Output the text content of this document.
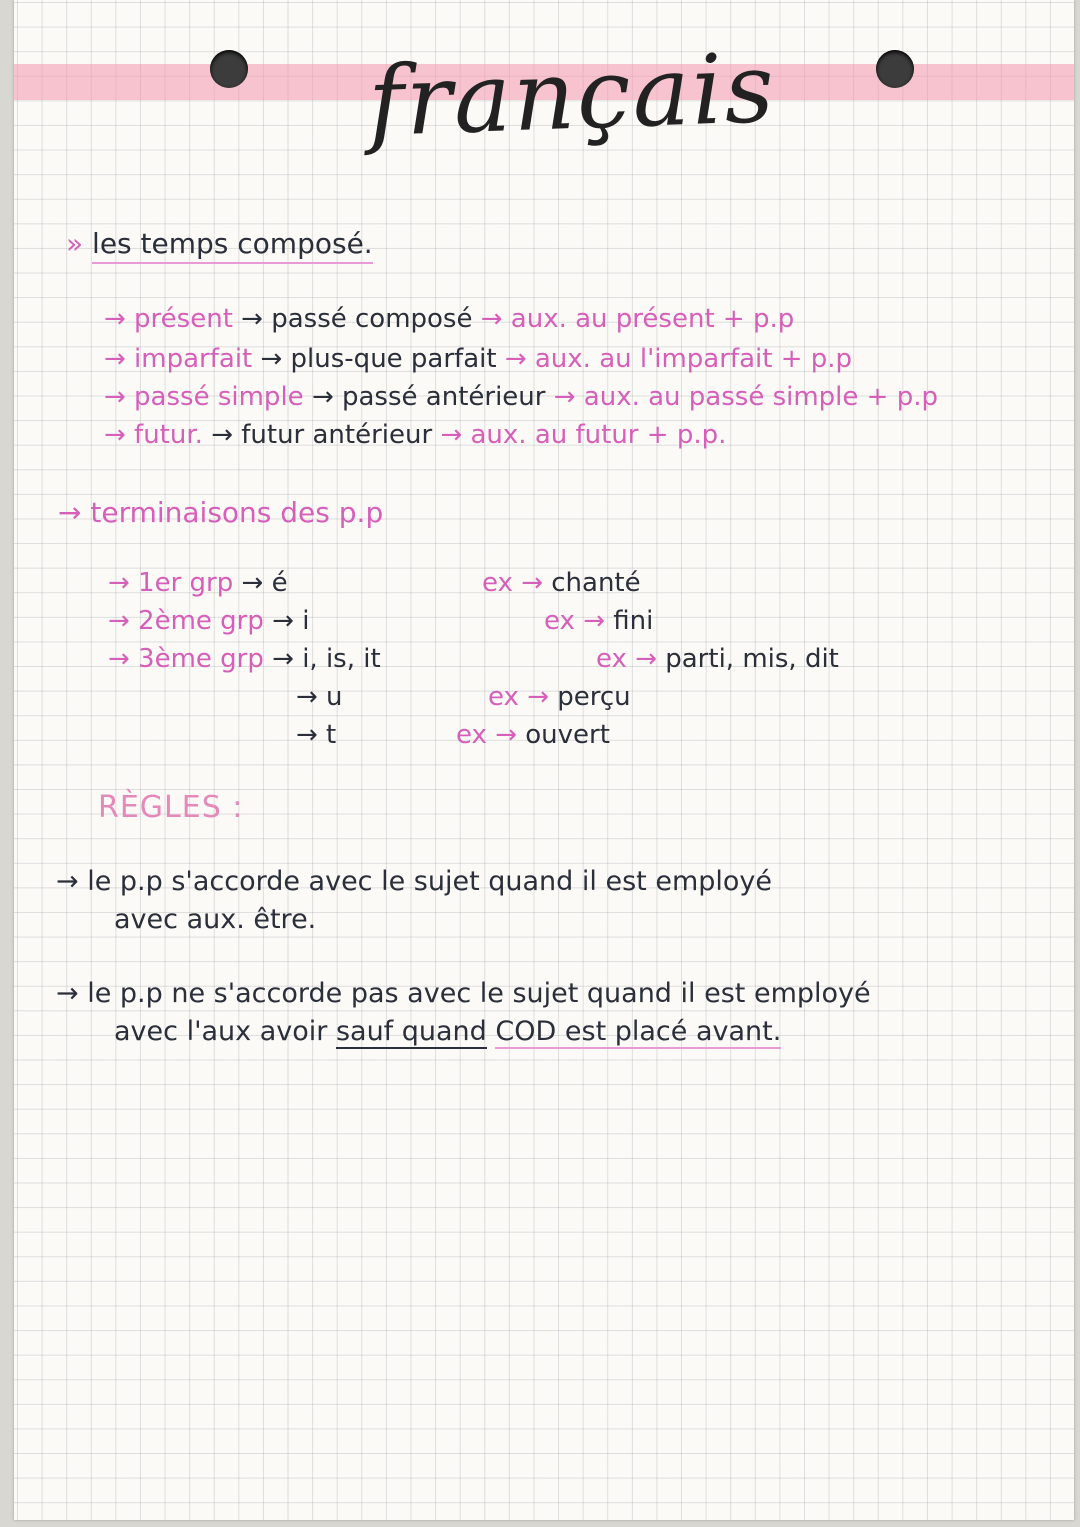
français
» les temps composé.
→ présent → passé composé → aux. au présent + p.p
→ imparfait → plus-que parfait → aux. au l'imparfait + p.p
→ passé simple → passé antérieur → aux. au passé simple + p.p
→ futur. → futur antérieur → aux. au futur + p.p.
→ terminaisons des p.p
→ 1er grp → é
→ 2ème grp → i
→ 3ème grp → i, is, it
→ u
→ t
ex → chanté
ex → fini
ex → parti, mis, dit
ex → perçu
ex → ouvert
RÈGLES :
→ le p.p s'accorde avec le sujet quand il est employé
avec aux. être.
→ le p.p ne s'accorde pas avec le sujet quand il est employé
avec l'aux avoir sauf quand COD est placé avant.
